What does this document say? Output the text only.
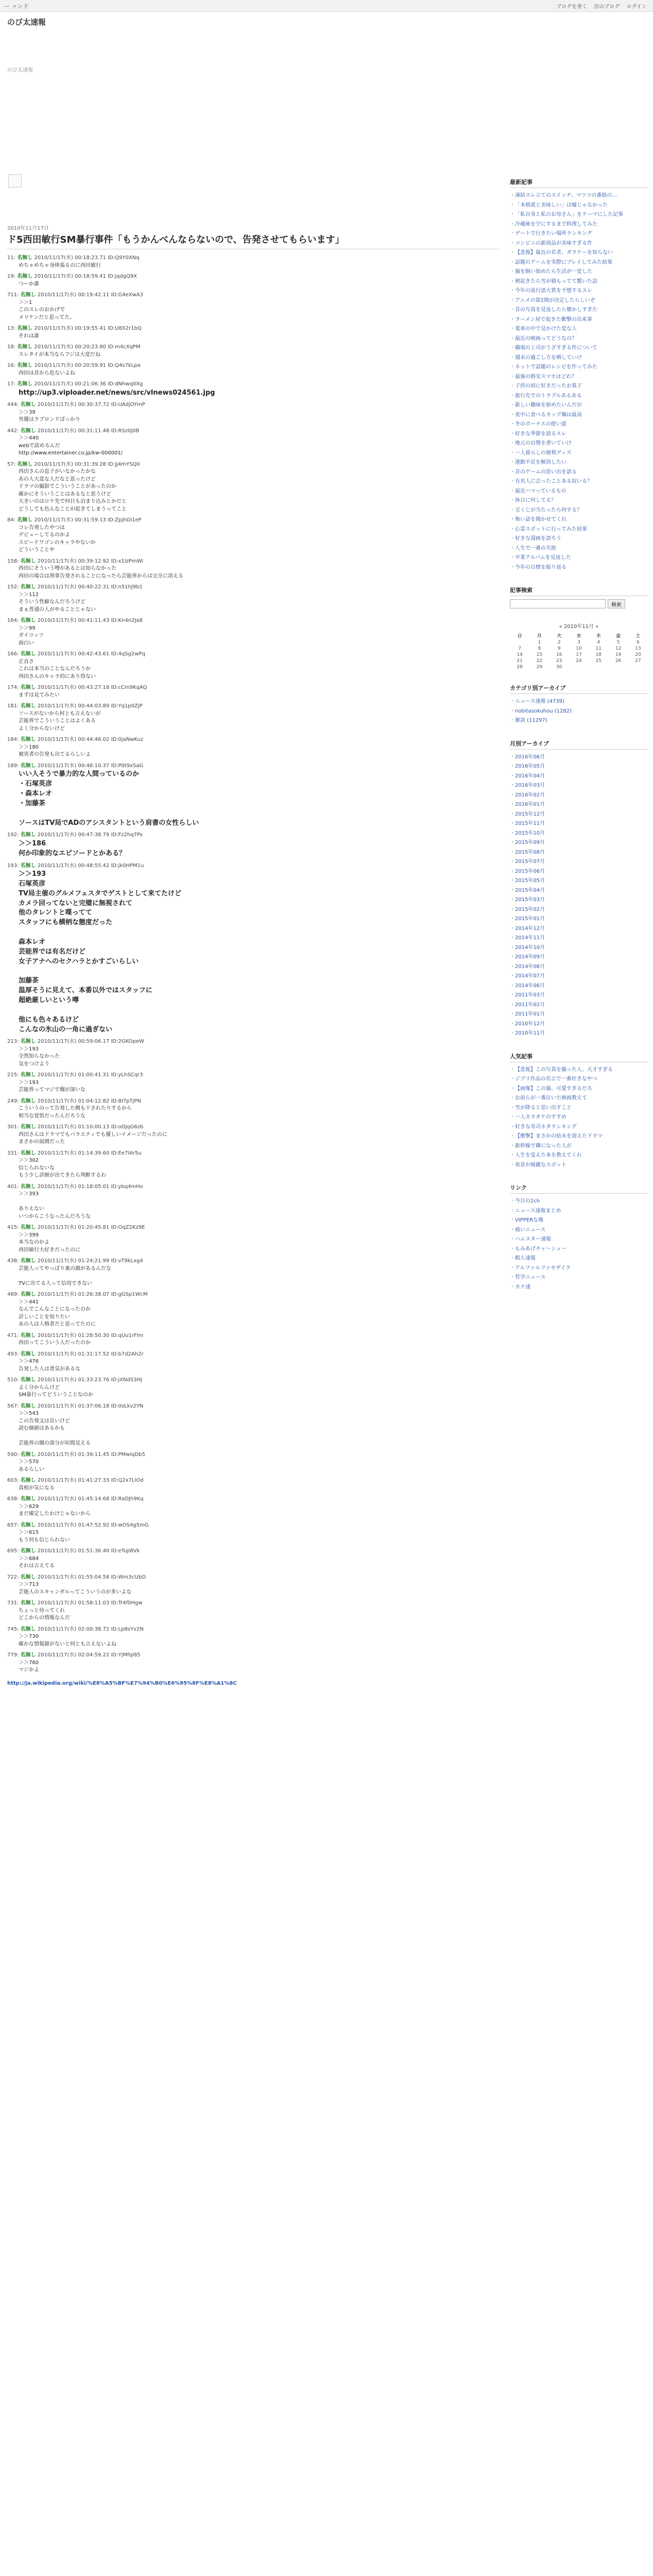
ー ァンド	ブログを書く 次のブログ ログイン
のび太速報
のび太速報
2010年11月17日
ド5西田敏行SM暴行事件「もうかんべんならないので、告発させてもらいます」
11: 名無し 2010/11/17(水) 00:18:23.71 ID:Q9Y0XNq
めちゃめちゃ身体張るのに西田敏行
19: 名無し 2010/11/17(水) 00:18:59.41 ID:jqdgQ9X
つーか誰
711: 名無し 2010/11/17(水) 00:19:42.11 ID:G4eXwA3
＞＞1
このスレのおかげで
メリケンだと思ってた。
13: 名無し 2010/11/17(水) 00:19:55.41 ID:U8X2r1bQ
それは誰
18: 名無し 2010/11/17(水) 00:20:23.80 ID:m4cXqPM
スレタイが本当ならフジは大変だね
16: 名無し 2010/11/17(水) 00:20:59.91 ID:Q4s7kLpa
西田は昔から危ないよね
17: 名無し 2010/11/17(水) 00:21:06.36 ID:dNhwq0Xg
http://up3.viploader.net/news/src/vlnews024561.jpg
444: 名無し 2010/11/17(水) 00:30:37.72 ID:UAdjOYmP
＞＞39
男優はラブロンドばっかり
442: 名無し 2010/11/17(水) 00:31:11.48 ID:RSz0j0B
＞＞440
webで読めるんだ
http://www.entertainer.co.jp/kw-000001/
57: 名無し 2010/11/17(水) 00:31:39.28 ID:jJ4mYSQ0
西田さんの息子がいなかったかな
あの人大変な人だなと思ったけど
ドラマの撮影でこういうことがあったのか
確かにそういうことはあるなと思うけど
大きいのはロケ先で何日も泊まり込みとかだと
どうしても色んなことが起きてしまうってこと
84: 名無し 2010/11/17(水) 00:31:59.13 ID:ZpjhGl1eP
コレ告発したやつは
デビューしてるのかよ
スピードワゴンのキャラやないか
どういうことや
158: 名無し 2010/11/17(水) 00:39:12.92 ID:x1lzPmWi
西田にそういう噂があるとは知らなかった
西田の場合は刑事告発されることになったら芸能界からは完全に消える
152: 名無し 2010/11/17(水) 00:40:22.31 ID:n51hJ9b1
＞＞112
そういう性癖なんだろうけど
まぁ普通の人がやることじゃない
164: 名無し 2010/11/17(水) 00:41:11.43 ID:Kn4n2Ja8
＞＞99
ガイコッツ
面白い
166: 名無し 2010/11/17(水) 00:42:43.61 ID:4qSg2wPq
正直さ
これは本当のことなんだろうか
西田さんのキャラ的にあり得ない
174: 名無し 2010/11/17(水) 00:43:27.18 ID:cCm9KqAQ
まずは見てみたい
181: 名無し 2010/11/17(水) 00:44:03.89 ID:Yq1p0ZjP
ソースがないから何とも言えないが
芸能界でこういうことはよくある
よく分からないけど
184: 名無し 2010/11/17(水) 00:44:46.02 ID:0jaNwKuz
＞＞180
被害者の告発も出てるらしいよ
189: 名無し 2010/11/17(水) 00:46:10.37 ID:P0t9xSaG
いい人そうで暴力的な人間っているのか
・石塚英彦
・森本レオ
・加藤茶

ソースはTV局でADのアシスタントという肩書の女性らしい
192: 名無し 2010/11/17(水) 00:47:38.79 ID:Fz2hq7Ps
＞＞186
何か印象的なエピソードとかある？
193: 名無し 2010/11/17(水) 00:48:55.42 ID:jk0HPM1u
＞＞193
石塚英彦
TV局主催のグルメフェスタでゲストとして来てたけど
カメラ回ってないと完璧に無視されて
他のタレントと喋ってて
スタッフにも横柄な態度だった

森本レオ
芸能界では有名だけど
女子アナへのセクハラとかすごいらしい

加藤茶
温厚そうに見えて、本番以外ではスタッフに
超絶厳しいという噂

他にも色々あるけど
こんなの氷山の一角に過ぎない
213: 名無し 2010/11/17(水) 00:59:06.17 ID:2GKOpeW
＞＞193
全然知らなかった
気をつけよう
215: 名無し 2010/11/17(水) 01:00:41.31 ID:yLhSCqr3
＞＞193
芸能界ってマジで闇が深いな
249: 名無し 2010/11/17(水) 01:04:12.82 ID:8I7pTjPN
こういうのって告発した側も干されたりするから
相当な覚悟だったんだろうな
301: 名無し 2010/11/17(水) 01:10:00.13 ID:oDJqG6zb
西田さんはドラマでもバラエティでも優しいイメージだったのに
まさかの展開だった
331: 名無し 2010/11/17(水) 01:14:39.60 ID:Ee7lAr5u
＞＞302
信じられないな
もう少し詳細が出てきたら判断するわ
401: 名無し 2010/11/17(水) 01:18:05.01 ID:ybq4mHo
＞＞393

ありえない
いつからこうなったんだろうな
415: 名無し 2010/11/17(水) 01:20:45.81 ID:OqZ2Kz9E
＞＞399
本当なのかよ
西田敏行大好きだったのに
438: 名無し 2010/11/17(水) 01:24:21.99 ID:vT9kLxg4
芸能人ってやっぱり裏の顔があるんだな

TVに出てる人って信用できない
469: 名無し 2010/11/17(水) 01:26:38.07 ID:gGSp1WcM
＞＞441
なんでこんなことになったのか
詳しいことを知りたい
あの人は人格者だと思ってたのに
471: 名無し 2010/11/17(水) 01:28:50.30 ID:qUu1rFIm
西田ってこういう人だったのか
493: 名無し 2010/11/17(水) 01:31:17.52 ID:b7d2Ah2r
＞＞476
告発した人は勇気があるな
510: 名無し 2010/11/17(水) 01:33:23.76 ID:jXNdS3HJ
よく分からんけど
SM暴行ってどういうことなのか
567: 名無し 2010/11/17(水) 01:37:06.18 ID:0sLkv2YN
＞＞543
この告発文は長いけど
読む価値はあるかも

芸能界の闇の部分が垣間見える
590: 名無し 2010/11/17(水) 01:39:11.45 ID:PMwlqDb5
＞＞570
あるらしい
603: 名無し 2010/11/17(水) 01:41:27.33 ID:Q2x7LIOd
真相が気になる
638: 名無し 2010/11/17(水) 01:45:14.68 ID:RaDJh9Kq
＞＞629
まだ確定したわけじゃないから
657: 名無し 2010/11/17(水) 01:47:52.92 ID:wOS4g5mG
＞＞615
もう何も信じられない
695: 名無し 2010/11/17(水) 01:51:36.40 ID:eTuJi8Vk
＞＞684
それは言えてる
722: 名無し 2010/11/17(水) 01:55:04.58 ID:Wm3cIzbD
＞＞713
芸能人のスキャンダルってこういうのが多いよな
731: 名無し 2010/11/17(水) 01:58:11.03 ID:Tr4f0Hgw
ちょっと待ってくれ
どこからの情報なんだ
745: 名無し 2010/11/17(水) 02:00:38.72 ID:Lp8sYv2N
＞＞730
確かな情報源がないと何とも言えないよね
779: 名無し 2010/11/17(水) 02:04:59.22 ID:YjMfqI85
＞＞760
マジかよ
http://ja.wikipedia.org/wiki/%E8%A5%BF%E7%94%B0%E6%95%8F%E8%A1%8C
最新記事
・ 凍結スレ立てのスイッチ、マツコの番組の…
・ 「本格派と美味しい」は嘘じゃなかった
・ 「私自身と私のお母さん」をテーマにした記事
・ 冷蔵庫を空にするまで料理してみた
・ デートで行きたい場所ランキング
・ コンビニの新商品が美味すぎる件
・ 【悲報】最近の若者、ガラケーを知らない
・ 話題のゲームを実際にプレイしてみた結果
・ 猫を飼い始めたら生活が一変した
・ 朝起きたら雪が積もってて驚いた話
・ 今年の流行語大賞を予想するスレ
・ アニメの第2期が決定したらしいぞ
・ 昔の写真を見返したら懐かしすぎた
・ ラーメン屋で起きた衝撃の出来事
・ 電車の中で見かけた変な人
・ 最近の映画ってどうなの？
・ 職場の上司がうざすぎる件について
・ 週末の過ごし方を晒していけ
・ ネットで話題のレシピを作ってみた
・ 最強の格安スマホはどれ？
・ 子供の頃に好きだったお菓子
・ 旅行先でのトラブルあるある
・ 新しい趣味を始めたいんだが
・ 夜中に食べるカップ麺は最高
・ 冬のボーナスの使い道
・ 好きな季節を語るスレ
・ 地元の自慢を書いていけ
・ 一人暮らしの便利グッズ
・ 運動不足を解消したい
・ 昔のゲームの思い出を語る
・ 有名人に会ったことある奴いる？
・ 最近ハマっているもの
・ 休日に何してる？
・ 宝くじが当たったら何する？
・ 怖い話を聞かせてくれ
・ 心霊スポットに行ってみた結果
・ 好きな漫画を語ろう
・ 人生で一番の失敗
・ 卒業アルバムを見返した
・ 今年の目標を振り返る
記事検索
検索
« 2010年11月 »
日	月	火	水	木	金	土
	1	2	3	4	5	6
7	8	9	10	11	12	13
14	15	16	17	18	19	20
21	22	23	24	25	26	27
28	29	30				
カテゴリ別アーカイブ
・ ニュース速報 (4739)
・ nobitasokuhou (1282)
・ 雑談 (11297)
月別アーカイブ
・ 2016年06月
・ 2016年05月
・ 2016年04月
・ 2016年03月
・ 2016年02月
・ 2016年01月
・ 2015年12月
・ 2015年11月
・ 2015年10月
・ 2015年09月
・ 2015年08月
・ 2015年07月
・ 2015年06月
・ 2015年05月
・ 2015年04月
・ 2015年03月
・ 2015年02月
・ 2015年01月
・ 2014年12月
・ 2014年11月
・ 2014年10月
・ 2014年09月
・ 2014年08月
・ 2014年07月
・ 2014年06月
・ 2011年03月
・ 2011年02月
・ 2011年01月
・ 2010年12月
・ 2010年11月
人気記事
・ 【悲報】この写真を撮った人、天才すぎる
・ ジブリ作品の名言で一番好きなやつ
・ 【画像】この猫、可愛すぎるだろ
・ お前らが一番泣いた映画教えて
・ 雪が降ると思い出すこと
・ 一人カラオケのすすめ
・ 好きな寿司ネタランキング
・ 【衝撃】まさかの結末を迎えたドラマ
・ 新幹線で隣になった人が
・ 人生を変えた本を教えてくれ
・ 夜景が綺麗なスポット
リンク
・ 今日の2ch
・ ニュース速報まとめ
・ VIPPERな俺
・ 痛いニュース
・ ハムスター速報
・ もみあげチャ～シュ～
・ 暇人速報
・ アルファルファモザイク
・ 哲学ニュース
・ カナ速
